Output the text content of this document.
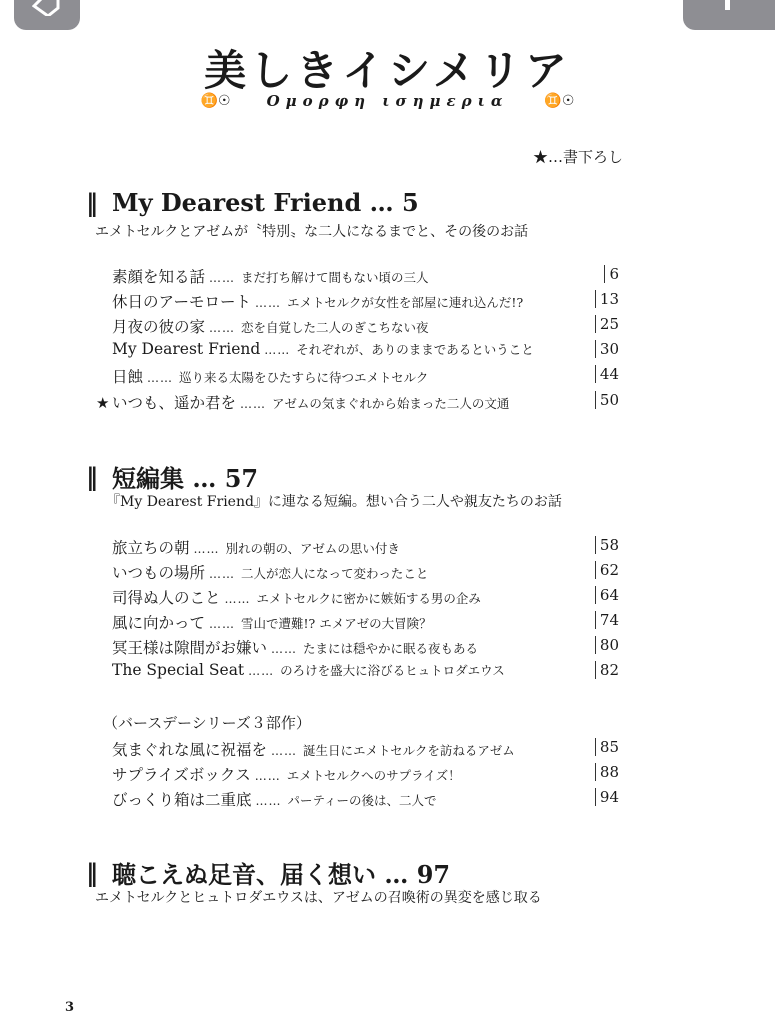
美しきイシメリア
♊☉ Ομορφη ισημερια	♊☉
★…書下ろし
‖ My Dearest Friend … 5
エメトセルクとアゼムが〝特別〟な二人になるまでと、その後のお話
素顔を知る話 …… まだ打ち解けて間もない頃の三人	6
休日のアーモロート …… エメトセルクが女性を部屋に連れ込んだ!?	13
月夜の彼の家 …… 恋を自覚した二人のぎこちない夜	25
My Dearest Friend …… それぞれが、ありのままであるということ	30
日蝕 …… 巡り来る太陽をひたすらに待つエメトセルク	44
★ いつも、遥か君を …… アゼムの気まぐれから始まった二人の文通	50
‖ 短編集 … 57
『My Dearest Friend』に連なる短編。想い合う二人や親友たちのお話
旅立ちの朝 …… 別れの朝の、アゼムの思い付き	58
いつもの場所 …… 二人が恋人になって変わったこと	62
司得ぬ人のこと …… エメトセルクに密かに嫉妬する男の企み	64
風に向かって …… 雪山で遭難!? エメアゼの大冒険？	74
冥王様は隙間がお嫌い …… たまには穏やかに眠る夜もある	80
The Special Seat …… のろけを盛大に浴びるヒュトロダエウス	82
（バースデーシリーズ３部作）
気まぐれな風に祝福を …… 誕生日にエメトセルクを訪ねるアゼム	85
サプライズボックス …… エメトセルクへのサプライズ！	88
びっくり箱は二重底 …… パーティーの後は、二人で	94
‖ 聴こえぬ足音、届く想い … 97
エメトセルクとヒュトロダエウスは、アゼムの召喚術の異変を感じ取る
3
